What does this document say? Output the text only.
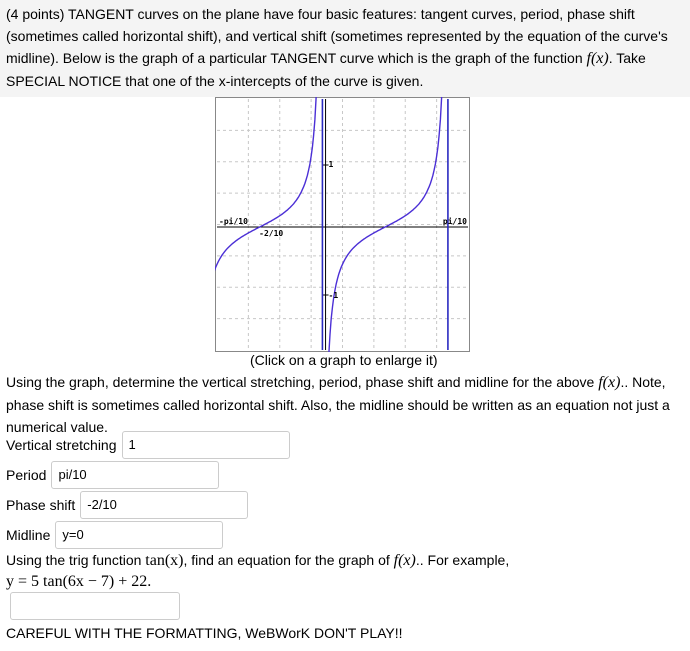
(4 points) TANGENT curves on the plane have four basic features: tangent curves, period, phase shift (sometimes called horizontal shift), and vertical shift (sometimes represented by the equation of the curve's midline). Below is the graph of a particular TANGENT curve which is the graph of the function f(x). Take SPECIAL NOTICE that one of the x-intercepts of the curve is given.

-pi/10	pi/10
-2/10
1
-1
(Click on a graph to enlarge it)

Using the graph, determine the vertical stretching, period, phase shift and midline for the above f(x).. Note, phase shift is sometimes called horizontal shift. Also, the midline should be written as an equation not just a numerical value.

Vertical stretching 1
Period pi/10
Phase shift -2/10
Midline y=0

Using the trig function tan(x), find an equation for the graph of f(x).. For example,

y = 5 tan(6x − 7) + 22.

CAREFUL WITH THE FORMATTING, WeBWorK DON'T PLAY!!
